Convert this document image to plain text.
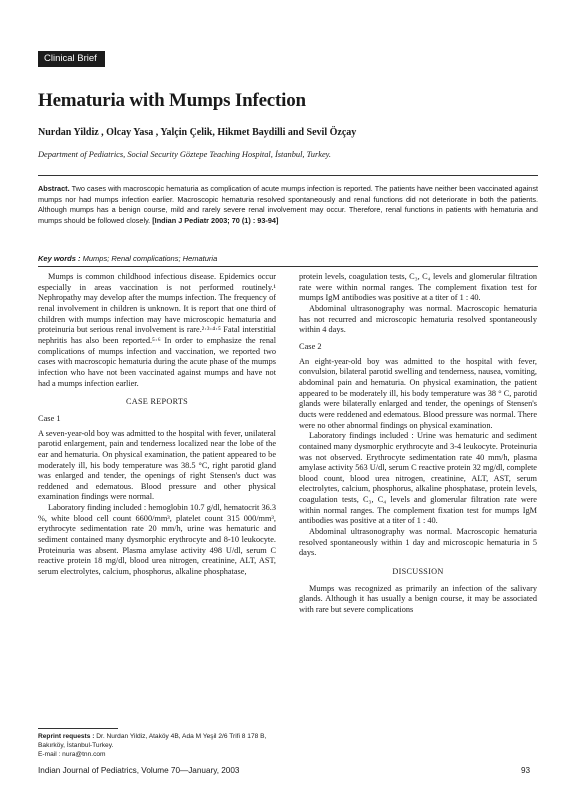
Clinical Brief
Hematuria with Mumps Infection
Nurdan Yildiz , Olcay Yasa , Yalçin Çelik, Hikmet Baydilli and Sevil Özçay
Department of Pediatrics, Social Security Göztepe Teaching Hospital, İstanbul, Turkey.
Abstract. Two cases with macroscopic hematuria as complication of acute mumps infection is reported. The patients have neither been vaccinated against mumps nor had mumps infection earlier. Macroscopic hematuria resolved spontaneously and renal functions did not deteriorate in both the patients. Although mumps has a benign course, mild and rarely severe renal involvement may occur. Therefore, renal functions in patients with hematuria and mumps should be followed closely. [Indian J Pediatr 2003; 70 (1) : 93-94]
Key words : Mumps; Renal complications; Hematuria

Mumps is common childhood infectious disease. Epidemics occur especially in areas vaccination is not performed routinely.¹ Nephropathy may develop after the mumps infection. The frequency of renal involvement in children is unknown. It is report that one third of children with mumps infection may have microscopic hematuria and proteinuria but serious renal involvement is rare.²·³·⁴·⁵ Fatal interstitial nephritis has also been reported.⁵·⁶ In order to emphasize the renal complications of mumps infection and vaccination, we reported two cases with macroscopic hematuria during the acute phase of the mumps infection who have not been vaccinated against mumps and have not had a mumps infection earlier.

CASE REPORTS

Case 1

A seven-year-old boy was admitted to the hospital with fever, unilateral parotid enlargement, pain and tenderness localized near the lobe of the ear and hematuria. On physical examination, the patient appeared to be moderately ill, his body temperature was 38.5 °C, right parotid gland was enlarged and tender, the openings of right Stensen's duct was reddened and edematous. Blood pressure and other physical examination findings were normal.

Laboratory finding included : hemoglobin 10.7 g/dl, hematocrit 36.3 %, white blood cell count 6600/mm³, platelet count 315 000/mm³, erythrocyte sedimentation rate 20 mm/h, urine was hematuric and sediment contained many dysmorphic erythrocyte and 8-10 leukocyte. Proteinuria was absent. Plasma amylase activity 498 U/dl, serum C reactive protein 18 mg/dl, blood urea nitrogen, creatinine, ALT, AST, serum electrolytes, calcium, phosphorus, alkaline phosphatase,

protein levels, coagulation tests, C₃, C₄ levels and glomerular filtration rate were within normal ranges. The complement fixation test for mumps IgM antibodies was positive at a titer of 1 : 40.

Abdominal ultrasonography was normal. Macroscopic hematuria has not recurred and microscopic hematuria resolved spontaneously within 4 days.

Case 2

An eight-year-old boy was admitted to the hospital with fever, convulsion, bilateral parotid swelling and tenderness, nausea, vomiting, abdominal pain and hematuria. On physical examination, the patient appeared to be moderately ill, his body temperature was 38 ° C, parotid glands were bilaterally enlarged and tender, the openings of Stensen's ducts were reddened and edematous. Blood pressure was normal. There were no other abnormal findings on physical examination.

Laboratory findings included : Urine was hematuric and sediment contained many dysmorphic erythrocyte and 3-4 leukocyte. Proteinuria was not observed. Erythrocyte sedimentation rate 40 mm/h, plasma amylase activity 563 U/dl, serum C reactive protein 32 mg/dl, complete blood count, blood urea nitrogen, creatinine, ALT, AST, serum electrolytes, calcium, phosphorus, alkaline phosphatase, protein levels, coagulation tests, C₃, C₄ levels and glomerular filtration rate were within normal ranges. The complement fixation test for mumps IgM antibodies was positive at a titer of 1 : 40.

Abdominal ultrasonography was normal. Macroscopic hematuria resolved spontaneously within 1 day and microscopic hematuria in 5 days.

DISCUSSION

Mumps was recognized as primarily an infection of the salivary glands. Although it has usually a benign course, it may be associated with rare but severe complications

Reprint requests : Dr. Nurdan Yildiz, Ataköy 4B, Ada M Yeşil 2/6 Trifi 8 178 B, Bakırköy, İstanbul-Turkey.
E-mail : nura@tnn.com
Indian Journal of Pediatrics, Volume 70—January, 2003	93
